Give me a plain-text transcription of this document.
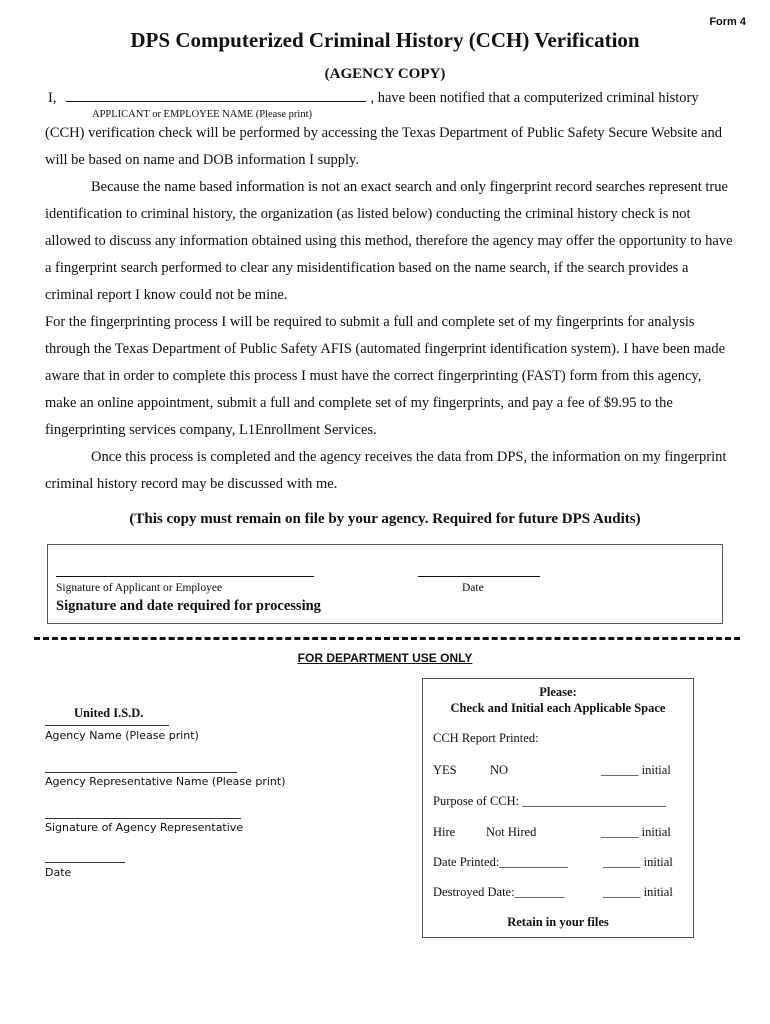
Form 4
DPS Computerized Criminal History (CCH) Verification
(AGENCY COPY)
I,	, have been notified that a computerized criminal history
APPLICANT or EMPLOYEE NAME (Please print)

(CCH) verification check will be performed by accessing the Texas Department of Public Safety Secure Website and will be based on name and DOB information I supply.

Because the name based information is not an exact search and only fingerprint record searches represent true identification to criminal history, the organization (as listed below) conducting the criminal history check is not allowed to discuss any information obtained using this method, therefore the agency may offer the opportunity to have a fingerprint search performed to clear any misidentification based on the name search, if the search provides a criminal report I know could not be mine.

For the fingerprinting process I will be required to submit a full and complete set of my fingerprints for analysis through the Texas Department of Public Safety AFIS (automated fingerprint identification system). I have been made aware that in order to complete this process I must have the correct fingerprinting (FAST) form from this agency, make an online appointment, submit a full and complete set of my fingerprints, and pay a fee of $9.95 to the fingerprinting services company, L1Enrollment Services.

Once this process is completed and the agency receives the data from DPS, the information on my fingerprint criminal history record may be discussed with me.

(This copy must remain on file by your agency. Required for future DPS Audits)
Signature of Applicant or Employee	Date
Signature and date required for processing
FOR DEPARTMENT USE ONLY
United I.S.D.
Agency Name (Please print)
Agency Representative Name (Please print)
Signature of Agency Representative
Date
Please:
Check and Initial each Applicable Space
CCH Report Printed:
YES	NO	______ initial
Purpose of CCH: _______________________
Hire Not Hired	______ initial
Date Printed:___________	______ initial
Destroyed Date:________	______ initial
Retain in your files
